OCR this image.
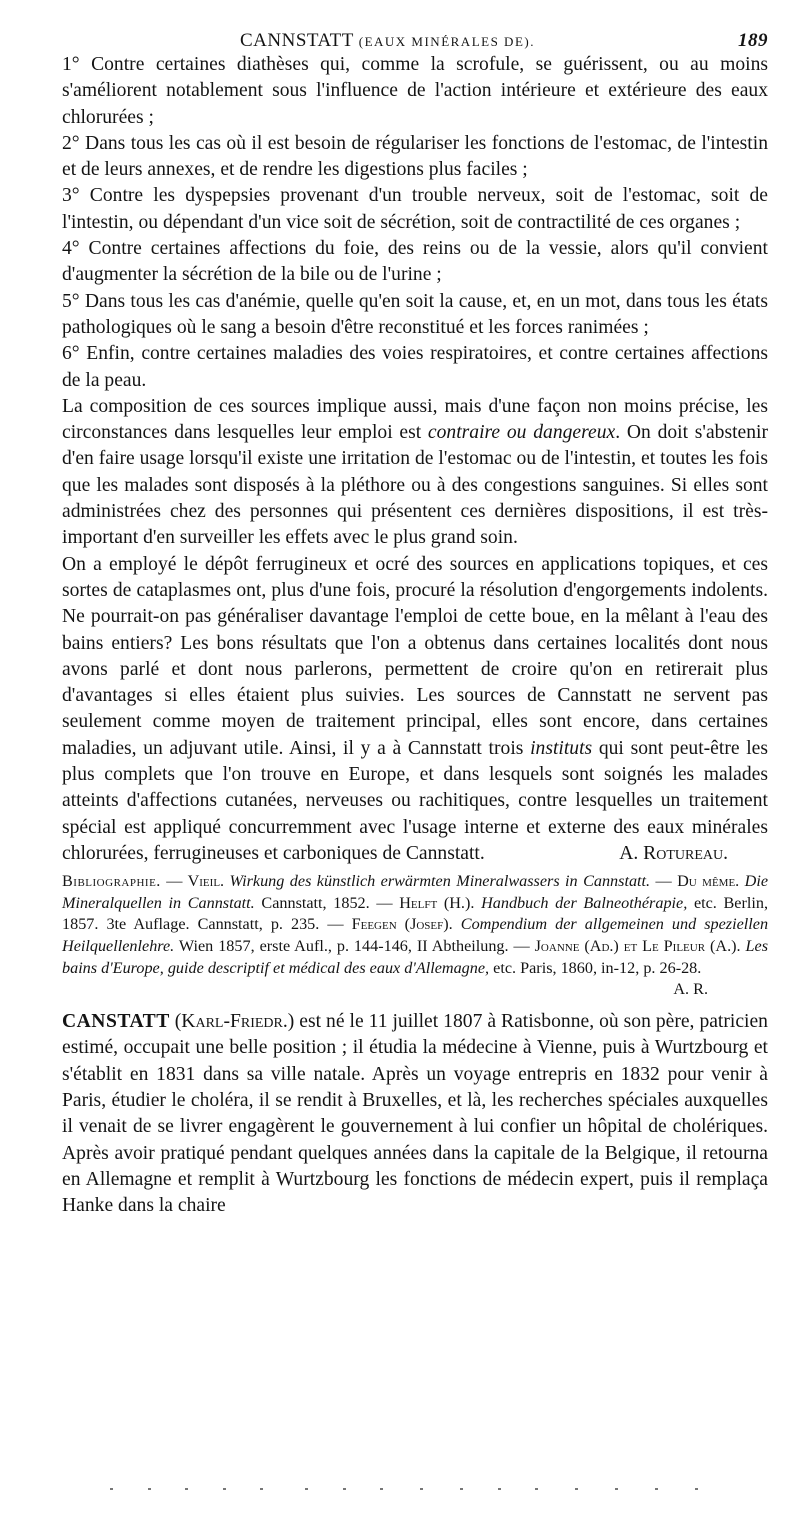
CANNSTATT (EAUX MINÉRALES DE).	189

1° Contre certaines diathèses qui, comme la scrofule, se guérissent, ou au moins s'améliorent notablement sous l'influence de l'action intérieure et extérieure des eaux chlorurées ;

2° Dans tous les cas où il est besoin de régulariser les fonctions de l'estomac, de l'intestin et de leurs annexes, et de rendre les digestions plus faciles ;

3° Contre les dyspepsies provenant d'un trouble nerveux, soit de l'estomac, soit de l'intestin, ou dépendant d'un vice soit de sécrétion, soit de contractilité de ces organes ;

4° Contre certaines affections du foie, des reins ou de la vessie, alors qu'il convient d'augmenter la sécrétion de la bile ou de l'urine ;

5° Dans tous les cas d'anémie, quelle qu'en soit la cause, et, en un mot, dans tous les états pathologiques où le sang a besoin d'être reconstitué et les forces ranimées ;

6° Enfin, contre certaines maladies des voies respiratoires, et contre certaines affections de la peau.

La composition de ces sources implique aussi, mais d'une façon non moins précise, les circonstances dans lesquelles leur emploi est contraire ou dangereux. On doit s'abstenir d'en faire usage lorsqu'il existe une irritation de l'estomac ou de l'intestin, et toutes les fois que les malades sont disposés à la pléthore ou à des congestions sanguines. Si elles sont administrées chez des personnes qui présentent ces dernières dispositions, il est très-important d'en surveiller les effets avec le plus grand soin.

On a employé le dépôt ferrugineux et ocré des sources en applications topiques, et ces sortes de cataplasmes ont, plus d'une fois, procuré la résolution d'engorgements indolents. Ne pourrait-on pas généraliser davantage l'emploi de cette boue, en la mêlant à l'eau des bains entiers? Les bons résultats que l'on a obtenus dans certaines localités dont nous avons parlé et dont nous parlerons, permettent de croire qu'on en retirerait plus d'avantages si elles étaient plus suivies. Les sources de Cannstatt ne servent pas seulement comme moyen de traitement principal, elles sont encore, dans certaines maladies, un adjuvant utile. Ainsi, il y a à Cannstatt trois instituts qui sont peut-être les plus complets que l'on trouve en Europe, et dans lesquels sont soignés les malades atteints d'affections cutanées, nerveuses ou rachitiques, contre lesquelles un traitement spécial est appliqué concurremment avec l'usage interne et externe des eaux minérales chlorurées, ferrugineuses et carboniques de Cannstatt.	A. Rotureau.

Bibliographie. — Vieil. Wirkung des künstlich erwärmten Mineralwassers in Cannstatt. — Du même. Die Mineralquellen in Cannstatt. Cannstatt, 1852. — Helft (H.). Handbuch der Balneothérapie, etc. Berlin, 1857. 3te Auflage. Cannstatt, p. 235. — Feegen (Josef). Compendium der allgemeinen und speziellen Heilquellenlehre. Wien 1857, erste Aufl., p. 144-146, II Abtheilung. — Joanne (Ad.) et Le Pileur (A.). Les bains d'Europe, guide descriptif et médical des eaux d'Allemagne, etc. Paris, 1860, in-12, p. 26-28.
A. R.

CANSTATT (Karl-Friedr.) est né le 11 juillet 1807 à Ratisbonne, où son père, patricien estimé, occupait une belle position ; il étudia la médecine à Vienne, puis à Wurtzbourg et s'établit en 1831 dans sa ville natale. Après un voyage entrepris en 1832 pour venir à Paris, étudier le choléra, il se rendit à Bruxelles, et là, les recherches spéciales auxquelles il venait de se livrer engagèrent le gouvernement à lui confier un hôpital de cholériques. Après avoir pratiqué pendant quelques années dans la capitale de la Belgique, il retourna en Allemagne et remplit à Wurtzbourg les fonctions de médecin expert, puis il remplaça Hanke dans la chaire
